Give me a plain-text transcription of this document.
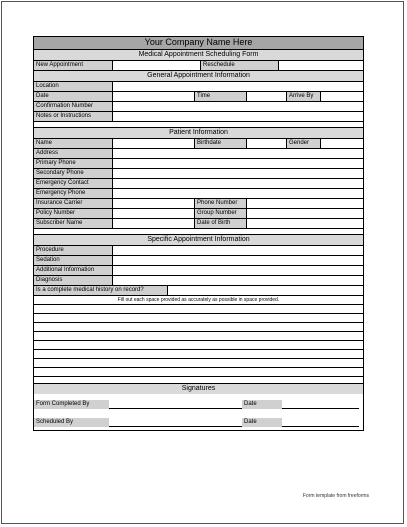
Your Company Name Here
Medical Appointment Scheduling Form
New Appointment	Reschedule
General Appointment Information
Location
Date	Time	Arrive By
Confirmation Number
Notes or Instructions
Patient Information
Name	Birthdate	Gender
Address
Primary Phone
Secondary Phone
Emergency Contact
Emergency Phone
Insurance Carrier	Phone Number
Policy Number	Group Number
Subscriber Name	Date of Birth
Specific Appointment Information
Procedure
Sedation
Additional Information
Diagnosis
Is a complete medical history on record?
Fill out each space provided as accurately as possible in space provided.
Signatures
Form Completed By	Date
Scheduled By	Date
Form template from freeforms
